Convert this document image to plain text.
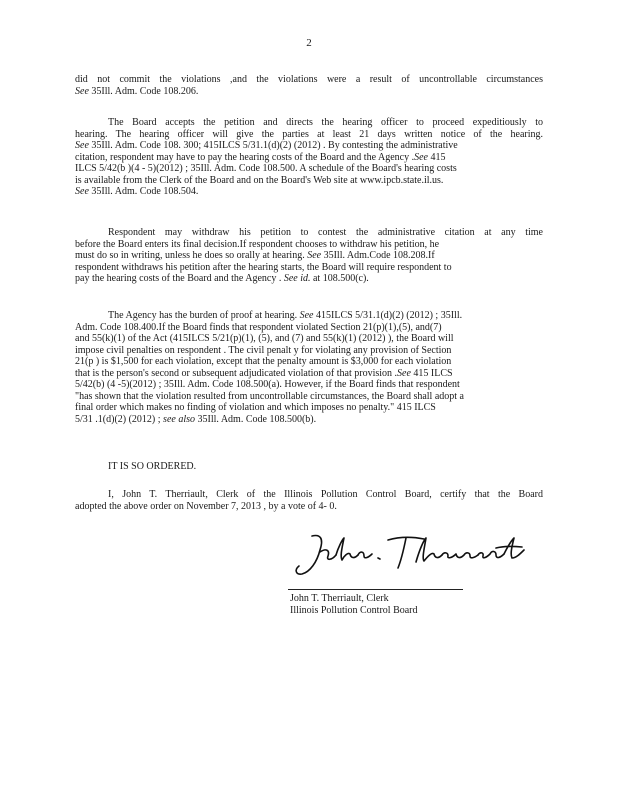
2
did not commit the violations ,and the violations were a result of uncontrollable circumstances
See 35Ill. Adm. Code 108.206.
The Board accepts the petition and directs the hearing officer to proceed expeditiously to
hearing. The hearing officer will give the parties at least 21 days written notice of the hearing.
See 35Ill. Adm. Code 108. 300; 415ILCS 5/31.1(d)(2) (2012) . By contesting the administrative
citation, respondent may have to pay the hearing costs of the Board and the Agency .See 415
ILCS 5/42(b )(4 - 5)(2012) ; 35Ill. Adm. Code 108.500. A schedule of the Board's hearing costs
is available from the Clerk of the Board and on the Board's Web site at www.ipcb.state.il.us.
See 35Ill. Adm. Code 108.504.
Respondent may withdraw his petition to contest the administrative citation at any time
before the Board enters its final decision.If respondent chooses to withdraw his petition, he
must do so in writing, unless he does so orally at hearing. See 35Ill. Adm.Code 108.208.If
respondent withdraws his petition after the hearing starts, the Board will require respondent to
pay the hearing costs of the Board and the Agency . See id. at 108.500(c).
The Agency has the burden of proof at hearing. See 415ILCS 5/31.1(d)(2) (2012) ; 35Ill.
Adm. Code 108.400.If the Board finds that respondent violated Section 21(p)(1),(5), and(7)
and 55(k)(1) of the Act (415ILCS 5/21(p)(1), (5), and (7) and 55(k)(1) (2012) ), the Board will
impose civil penalties on respondent . The civil penalt y for violating any provision of Section
21(p ) is $1,500 for each violation, except that the penalty amount is $3,000 for each violation
that is the person's second or subsequent adjudicated violation of that provision .See 415 ILCS
5/42(b) (4 -5)(2012) ; 35Ill. Adm. Code 108.500(a). However, if the Board finds that respondent
"has shown that the violation resulted from uncontrollable circumstances, the Board shall adopt a
final order which makes no finding of violation and which imposes no penalty." 415 ILCS
5/31 .1(d)(2) (2012) ; see also 35Ill. Adm. Code 108.500(b).
IT IS SO ORDERED.
I, John T. Therriault, Clerk of the Illinois Pollution Control Board, certify that the Board
adopted the above order on November 7, 2013 , by a vote of 4- 0.
John T. Therriault, Clerk
Illinois Pollution Control Board
